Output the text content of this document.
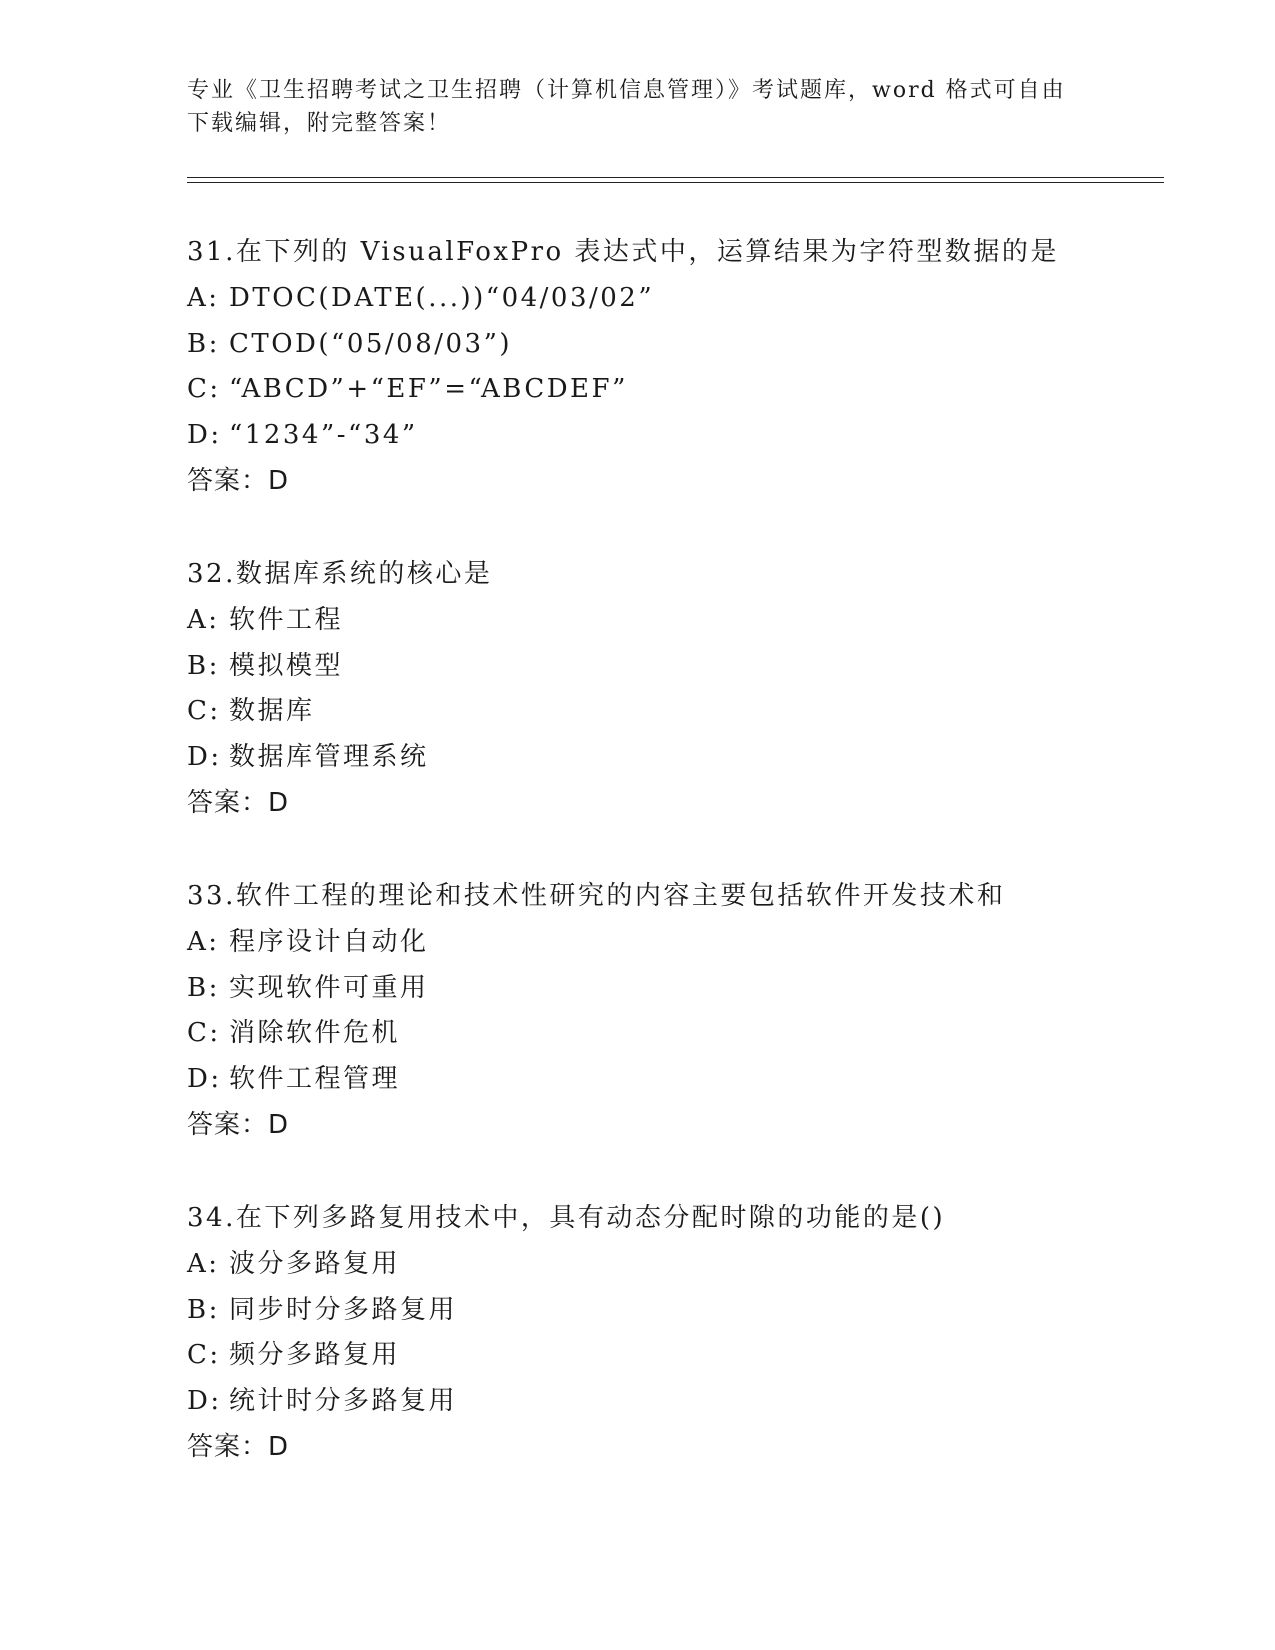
专业《卫生招聘考试之卫生招聘（计算机信息管理）》考试题库，word 格式可自由下载编辑，附完整答案！
31.在下列的 VisualFoxPro 表达式中，运算结果为字符型数据的是
A: DTOC(DATE(...))“04/03/02”
B: CTOD(“05/08/03”)
C: “ABCD”+“EF”=“ABCDEF”
D: “1234”-“34”
答案：D
32.数据库系统的核心是
A: 软件工程
B: 模拟模型
C: 数据库
D: 数据库管理系统
答案：D
33.软件工程的理论和技术性研究的内容主要包括软件开发技术和
A: 程序设计自动化
B: 实现软件可重用
C: 消除软件危机
D: 软件工程管理
答案：D
34.在下列多路复用技术中，具有动态分配时隙的功能的是()
A: 波分多路复用
B: 同步时分多路复用
C: 频分多路复用
D: 统计时分多路复用
答案：D
